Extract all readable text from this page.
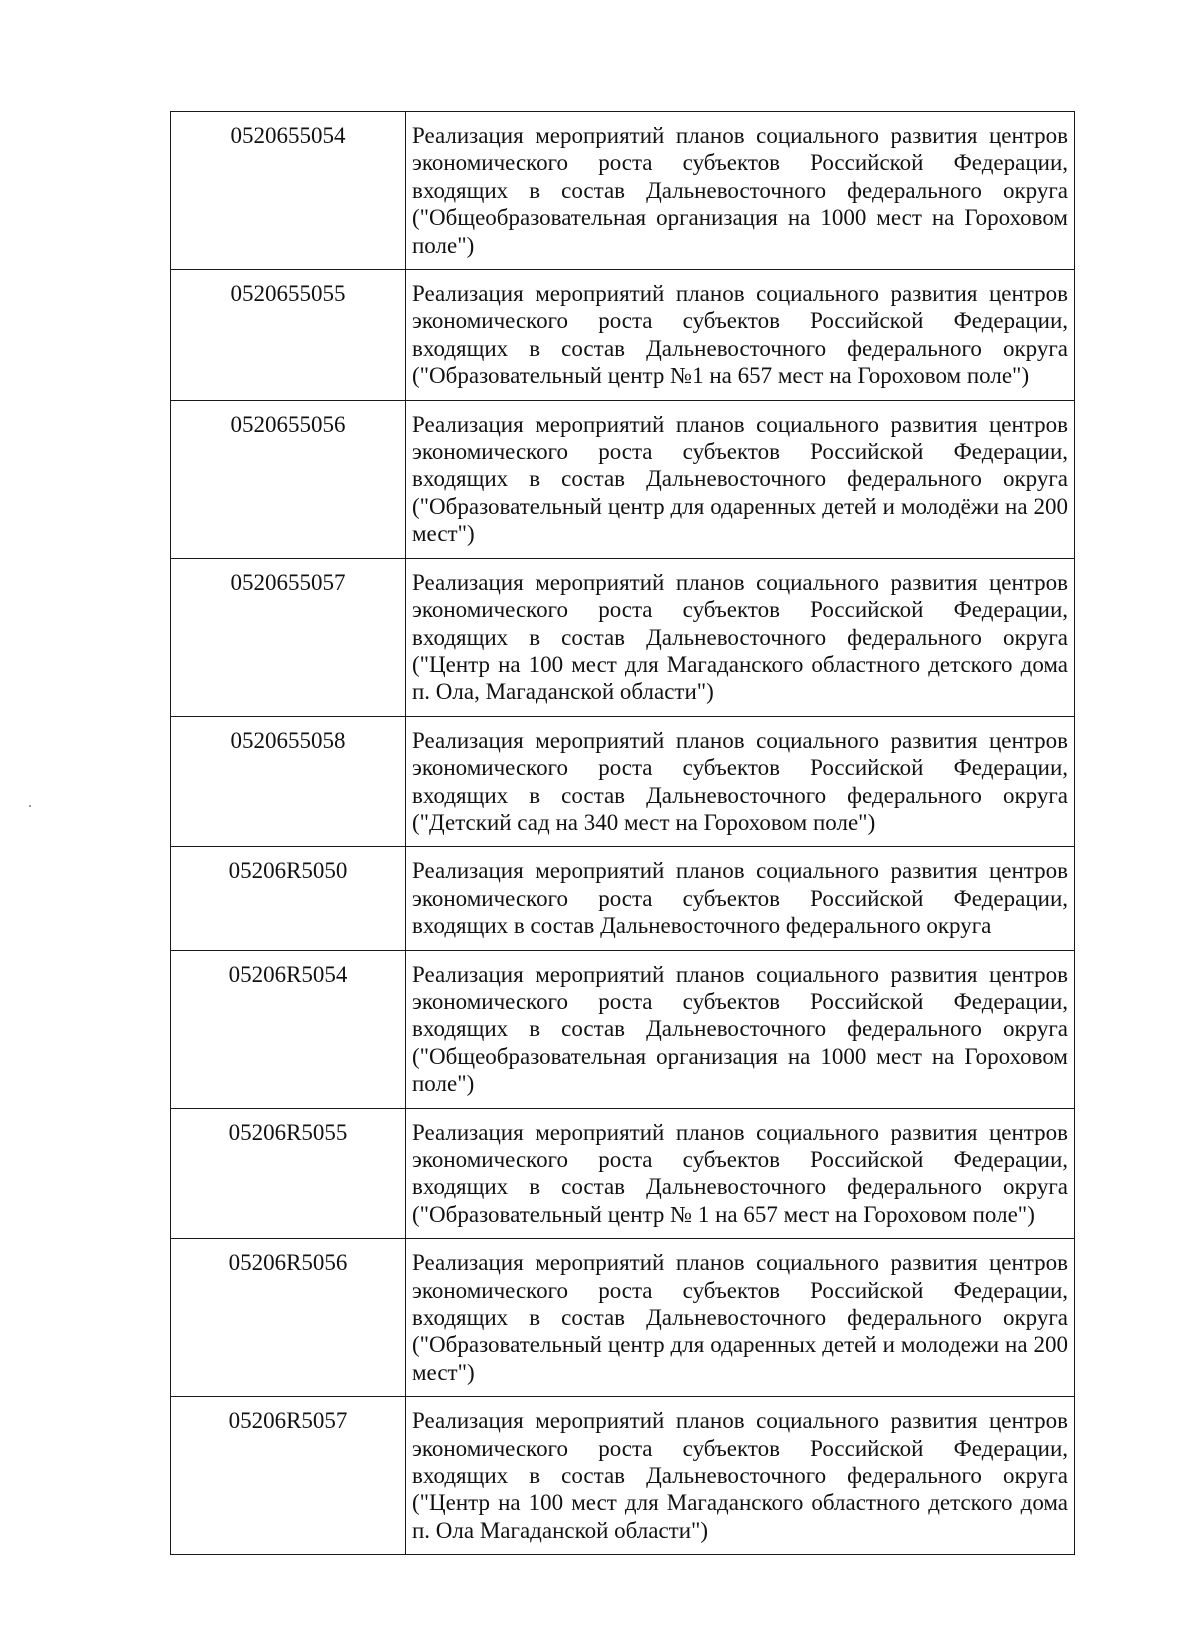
0520655054	Реализация мероприятий планов социального развития центров экономического роста субъектов Российской Федерации, входящих в состав Дальневосточного федерального округа ("Общеобразовательная организация на 1000 мест на Гороховом поле")
0520655055	Реализация мероприятий планов социального развития центров экономического роста субъектов Российской Федерации, входящих в состав Дальневосточного федерального округа ("Образовательный центр №1 на 657 мест на Гороховом поле")
0520655056	Реализация мероприятий планов социального развития центров экономического роста субъектов Российской Федерации, входящих в состав Дальневосточного федерального округа ("Образовательный центр для одаренных детей и молодёжи на 200 мест")
0520655057	Реализация мероприятий планов социального развития центров экономического роста субъектов Российской Федерации, входящих в состав Дальневосточного федерального округа ("Центр на 100 мест для Магаданского областного детского дома п. Ола, Магаданской области")
0520655058	Реализация мероприятий планов социального развития центров экономического роста субъектов Российской Федерации, входящих в состав Дальневосточного федерального округа ("Детский сад на 340 мест на Гороховом поле")
05206R5050	Реализация мероприятий планов социального развития центров экономического роста субъектов Российской Федерации, входящих в состав Дальневосточного федерального округа
05206R5054	Реализация мероприятий планов социального развития центров экономического роста субъектов Российской Федерации, входящих в состав Дальневосточного федерального округа ("Общеобразовательная организация на 1000 мест на Гороховом поле")
05206R5055	Реализация мероприятий планов социального развития центров экономического роста субъектов Российской Федерации, входящих в состав Дальневосточного федерального округа ("Образовательный центр № 1 на 657 мест на Гороховом поле")
05206R5056	Реализация мероприятий планов социального развития центров экономического роста субъектов Российской Федерации, входящих в состав Дальневосточного федерального округа ("Образовательный центр для одаренных детей и молодежи на 200 мест")
05206R5057	Реализация мероприятий планов социального развития центров экономического роста субъектов Российской Федерации, входящих в состав Дальневосточного федерального округа ("Центр на 100 мест для Магаданского областного детского дома п. Ола Магаданской области")
